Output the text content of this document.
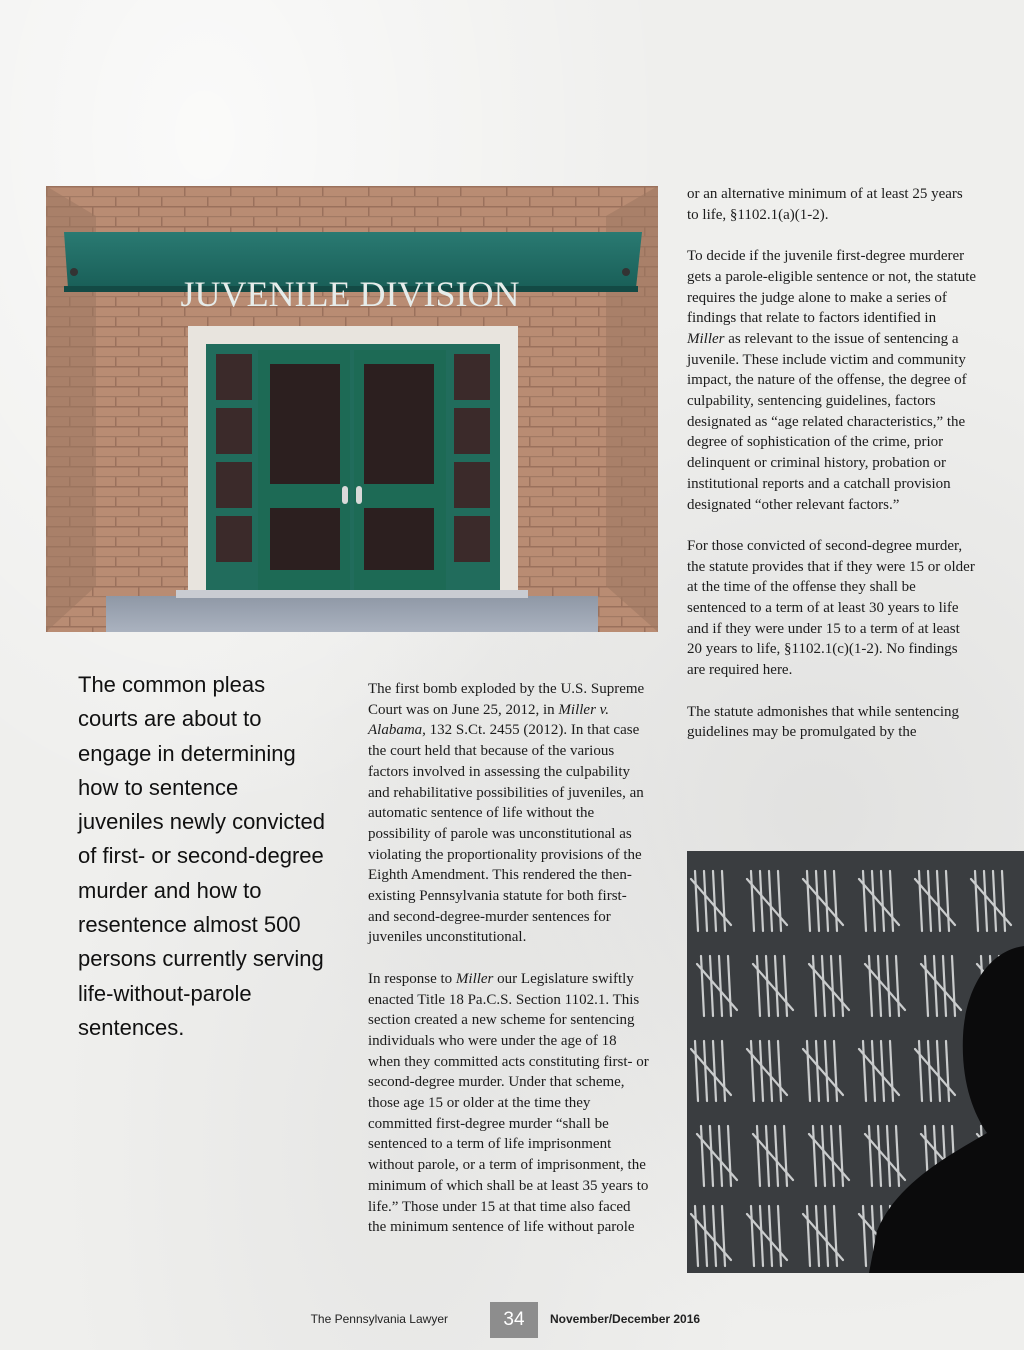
JUVENILE DIVISION

The common pleas courts are about to engage in determining how to sentence juveniles newly convicted of first- or second-degree murder and how to resentence almost 500 persons currently serving life-without-parole sentences.

The first bomb exploded by the U.S. Supreme Court was on June 25, 2012, in Miller v. Alabama, 132 S.Ct. 2455 (2012). In that case the court held that because of the various factors involved in assessing the culpability and rehabilitative possibilities of juveniles, an automatic sentence of life without the possibility of parole was unconstitutional as violating the proportionality provisions of the Eighth Amendment. This rendered the then-existing Pennsylvania statute for both first- and second-degree-murder sentences for juveniles unconstitutional.

In response to Miller our Legislature swiftly enacted Title 18 Pa.C.S. Section 1102.1. This section created a new scheme for sentencing individuals who were under the age of 18 when they committed acts constituting first- or second-degree murder. Under that scheme, those age 15 or older at the time they committed first-degree murder “shall be sentenced to a term of life imprisonment without parole, or a term of imprisonment, the minimum of which shall be at least 35 years to life.” Those under 15 at that time also faced the minimum sentence of life without parole

or an alternative minimum of at least 25 years to life, §1102.1(a)(1-2).

To decide if the juvenile first-degree murderer gets a parole-eligible sentence or not, the statute requires the judge alone to make a series of findings that relate to factors identified in Miller as relevant to the issue of sentencing a juvenile. These include victim and community impact, the nature of the offense, the degree of culpability, sentencing guidelines, factors designated as “age related characteristics,” the degree of sophistication of the crime, prior delinquent or criminal history, probation or institutional reports and a catchall provision designated “other relevant factors.”

For those convicted of second-degree murder, the statute provides that if they were 15 or older at the time of the offense they shall be sentenced to a term of at least 30 years to life and if they were under 15 to a term of at least 20 years to life, §1102.1(c)(1-2). No findings are required here.

The statute admonishes that while sentencing guidelines may be promulgated by the

The Pennsylvania Lawyer	34	November/December 2016
